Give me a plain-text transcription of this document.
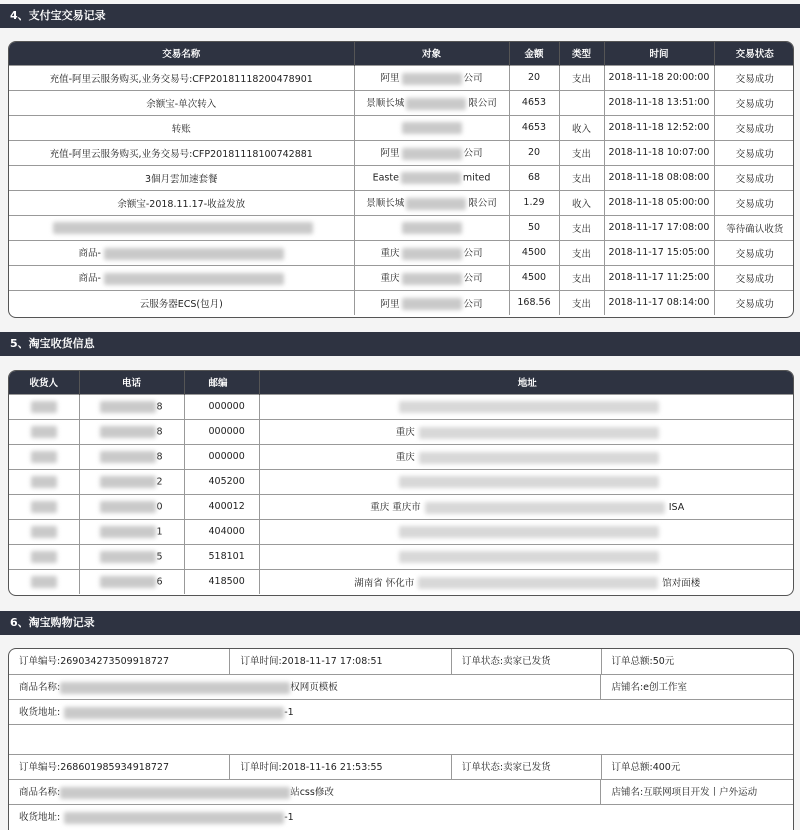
4、支付宝交易记录
交易名称	对象	金额	类型	时间	交易状态
充值-阿里云服务购买,业务交易号:CFP20181118200478901	阿里 公司	20	支出	2018-11-18 20:00:00	交易成功
余额宝-单次转入	景顺长城 限公司	4653		2018-11-18 13:51:00	交易成功
转账		4653	收入	2018-11-18 12:52:00	交易成功
充值-阿里云服务购买,业务交易号:CFP20181118100742881	阿里 公司	20	支出	2018-11-18 10:07:00	交易成功
3個月雲加速套餐	Easte mited	68	支出	2018-11-18 08:08:00	交易成功
余额宝-2018.11.17-收益发放	景顺长城 限公司	1.29	收入	2018-11-18 05:00:00	交易成功
		50	支出	2018-11-17 17:08:00	等待确认收货
商品-	重庆 公司	4500	支出	2018-11-17 15:05:00	交易成功
商品-	重庆 公司	4500	支出	2018-11-17 11:25:00	交易成功
云服务器ECS(包月)	阿里 公司	168.56	支出	2018-11-17 08:14:00	交易成功
5、淘宝收货信息
收货人	电话	邮编	地址
	8	000000	
	8	000000	重庆
	8	000000	重庆
	2	405200	
	0	400012	重庆 重庆市 ISA
	1	404000	
	5	518101	
	6	418500	湖南省 怀化市 馆对面楼
6、淘宝购物记录
订单编号:269034273509918727	订单时间:2018-11-17 17:08:51	订单状态:卖家已发货	订单总额:50元
商品名称:	权网页模板	店铺名:e创工作室
收货地址:	-1
订单编号:268601985934918727	订单时间:2018-11-16 21:53:55	订单状态:卖家已发货	订单总额:400元
商品名称:	站css修改	店铺名:互联网项目开发丨户外运动
收货地址:	-1
